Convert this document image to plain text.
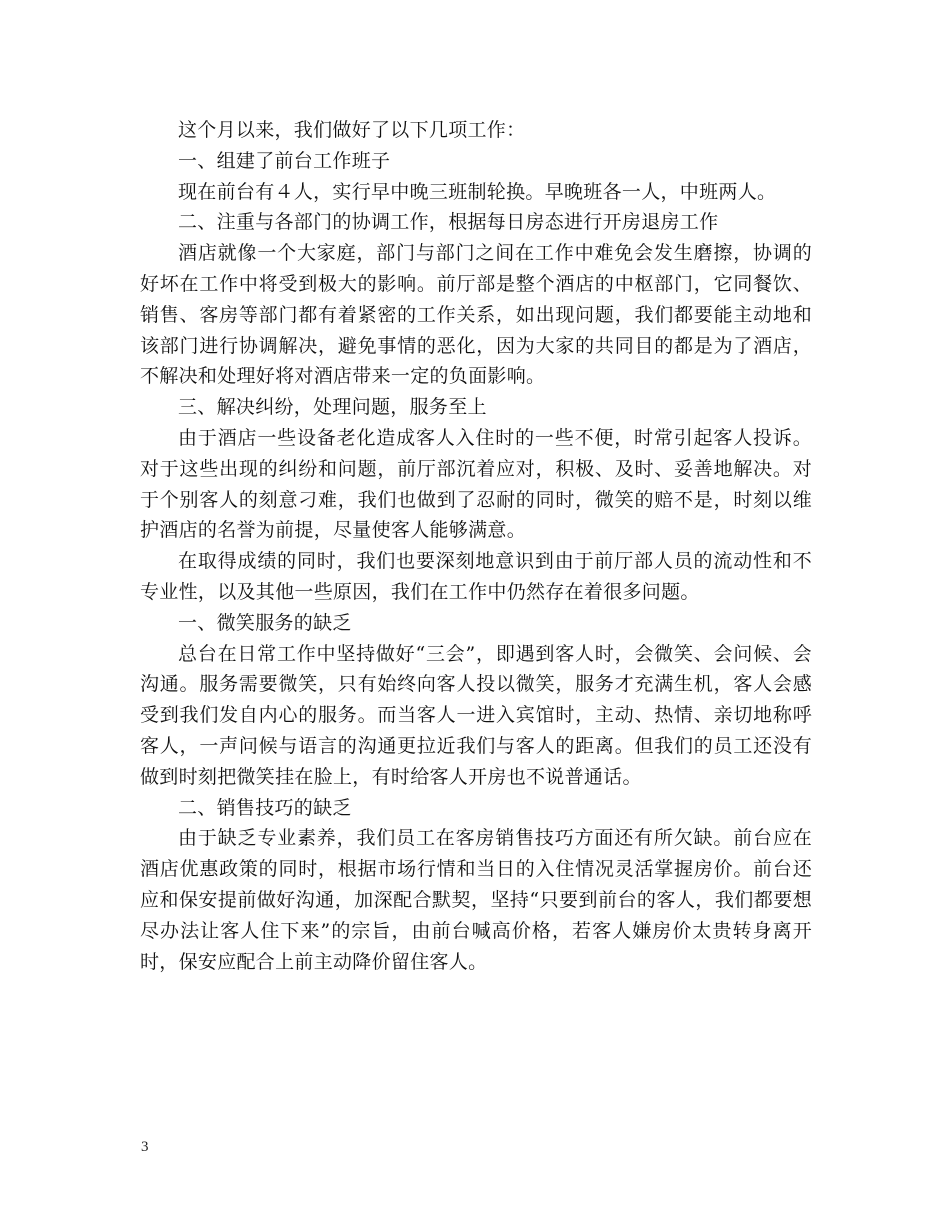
这个月以来，我们做好了以下几项工作：

一、组建了前台工作班子

现在前台有４人，实行早中晚三班制轮换。早晚班各一人，中班两人。

二、注重与各部门的协调工作，根据每日房态进行开房退房工作

酒店就像一个大家庭，部门与部门之间在工作中难免会发生磨擦，协调的好坏在工作中将受到极大的影响。前厅部是整个酒店的中枢部门，它同餐饮、销售、客房等部门都有着紧密的工作关系，如出现问题，我们都要能主动地和该部门进行协调解决，避免事情的恶化，因为大家的共同目的都是为了酒店，不解决和处理好将对酒店带来一定的负面影响。

三、解决纠纷，处理问题，服务至上

由于酒店一些设备老化造成客人入住时的一些不便，时常引起客人投诉。对于这些出现的纠纷和问题，前厅部沉着应对，积极、及时、妥善地解决。对于个别客人的刻意刁难，我们也做到了忍耐的同时，微笑的赔不是，时刻以维护酒店的名誉为前提，尽量使客人能够满意。

在取得成绩的同时，我们也要深刻地意识到由于前厅部人员的流动性和不专业性，以及其他一些原因，我们在工作中仍然存在着很多问题。

一、微笑服务的缺乏

总台在日常工作中坚持做好“三会”，即遇到客人时，会微笑、会问候、会沟通。服务需要微笑，只有始终向客人投以微笑，服务才充满生机，客人会感受到我们发自内心的服务。而当客人一进入宾馆时，主动、热情、亲切地称呼客人，一声问候与语言的沟通更拉近我们与客人的距离。但我们的员工还没有做到时刻把微笑挂在脸上，有时给客人开房也不说普通话。

二、销售技巧的缺乏

由于缺乏专业素养，我们员工在客房销售技巧方面还有所欠缺。前台应在酒店优惠政策的同时，根据市场行情和当日的入住情况灵活掌握房价。前台还应和保安提前做好沟通，加深配合默契，坚持“只要到前台的客人，我们都要想尽办法让客人住下来”的宗旨，由前台喊高价格，若客人嫌房价太贵转身离开时，保安应配合上前主动降价留住客人。

3
